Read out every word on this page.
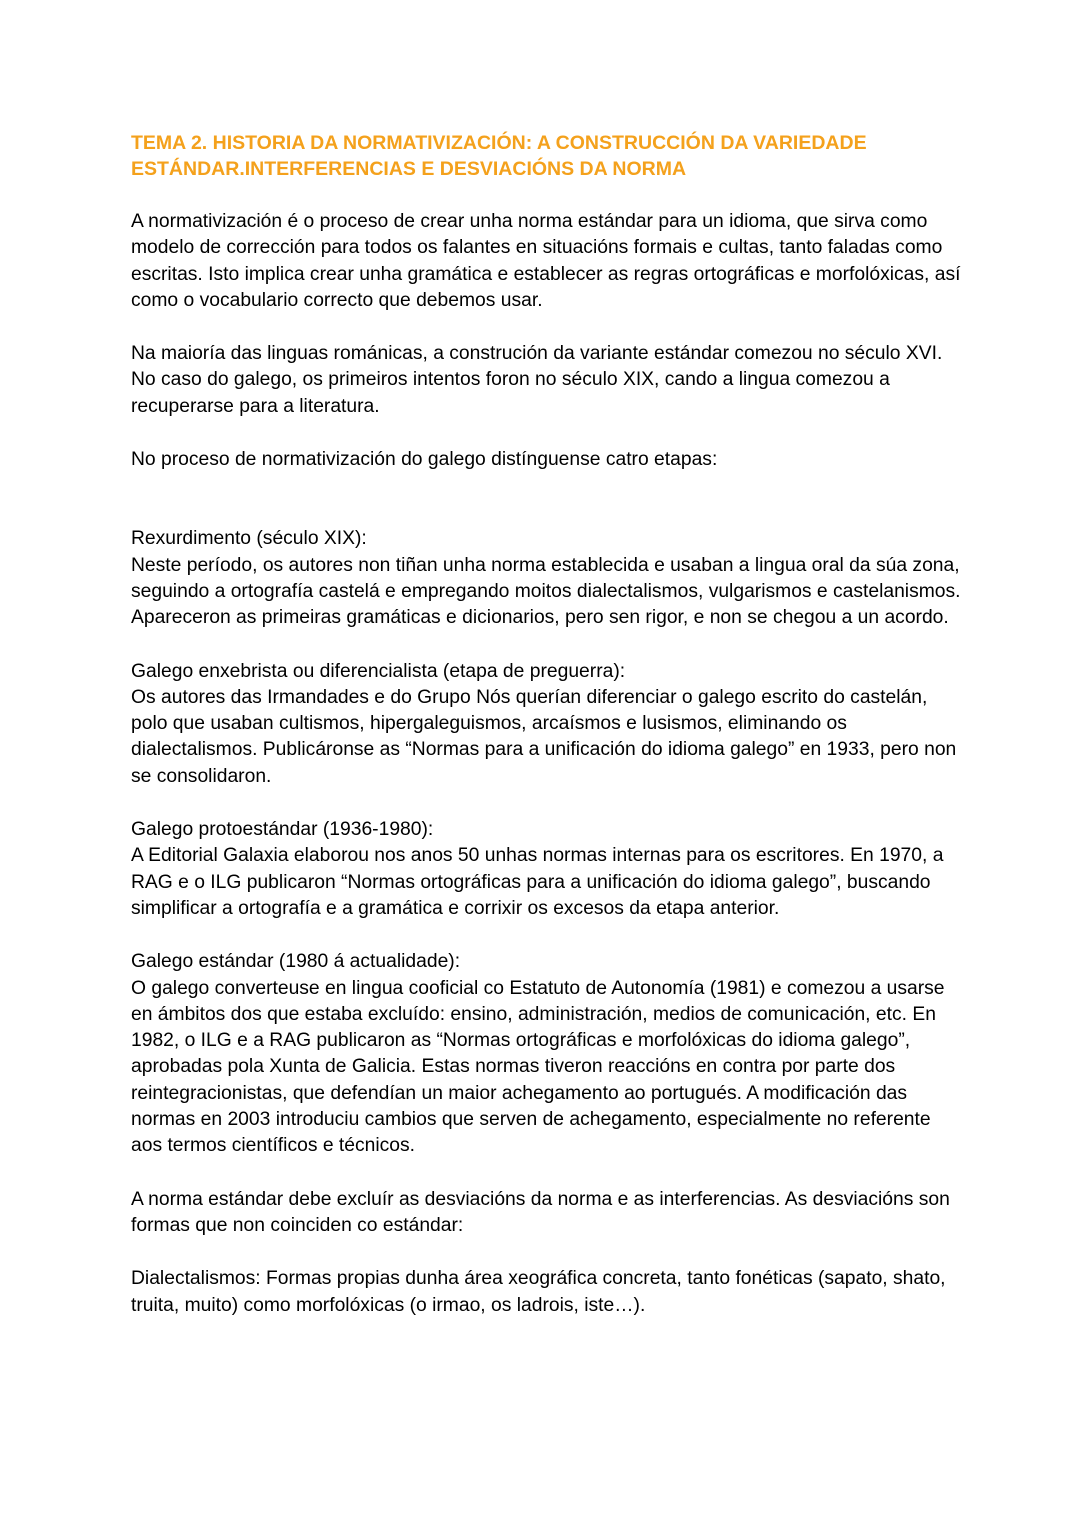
TEMA 2. HISTORIA DA NORMATIVIZACIÓN: A CONSTRUCCIÓN DA VARIEDADE
ESTÁNDAR.INTERFERENCIAS E DESVIACIÓNS DA NORMA

A normativización é o proceso de crear unha norma estándar para un idioma, que sirva como modelo de corrección para todos os falantes en situacións formais e cultas, tanto faladas como escritas. Isto implica crear unha gramática e establecer as regras ortográficas e morfolóxicas, así como o vocabulario correcto que debemos usar.

Na maioría das linguas románicas, a construción da variante estándar comezou no século XVI. No caso do galego, os primeiros intentos foron no século XIX, cando a lingua comezou a recuperarse para a literatura.

No proceso de normativización do galego distínguense catro etapas:

Rexurdimento (século XIX):

Neste período, os autores non tiñan unha norma establecida e usaban a lingua oral da súa zona, seguindo a ortografía castelá e empregando moitos dialectalismos, vulgarismos e castelanismos. Apareceron as primeiras gramáticas e dicionarios, pero sen rigor, e non se chegou a un acordo.

Galego enxebrista ou diferencialista (etapa de preguerra):

Os autores das Irmandades e do Grupo Nós querían diferenciar o galego escrito do castelán, polo que usaban cultismos, hipergaleguismos, arcaísmos e lusismos, eliminando os dialectalismos. Publicáronse as “Normas para a unificación do idioma galego” en 1933, pero non se consolidaron.

Galego protoestándar (1936-1980):

A Editorial Galaxia elaborou nos anos 50 unhas normas internas para os escritores. En 1970, a RAG e o ILG publicaron “Normas ortográficas para a unificación do idioma galego”, buscando simplificar a ortografía e a gramática e corrixir os excesos da etapa anterior.

Galego estándar (1980 á actualidade):

O galego converteuse en lingua cooficial co Estatuto de Autonomía (1981) e comezou a usarse en ámbitos dos que estaba excluído: ensino, administración, medios de comunicación, etc. En 1982, o ILG e a RAG publicaron as “Normas ortográficas e morfolóxicas do idioma galego”, aprobadas pola Xunta de Galicia. Estas normas tiveron reaccións en contra por parte dos reintegracionistas, que defendían un maior achegamento ao portugués. A modificación das normas en 2003 introduciu cambios que serven de achegamento, especialmente no referente aos termos científicos e técnicos.

A norma estándar debe excluír as desviacións da norma e as interferencias. As desviacións son formas que non coinciden co estándar:

Dialectalismos: Formas propias dunha área xeográfica concreta, tanto fonéticas (sapato, shato, truita, muito) como morfolóxicas (o irmao, os ladrois, iste…).
